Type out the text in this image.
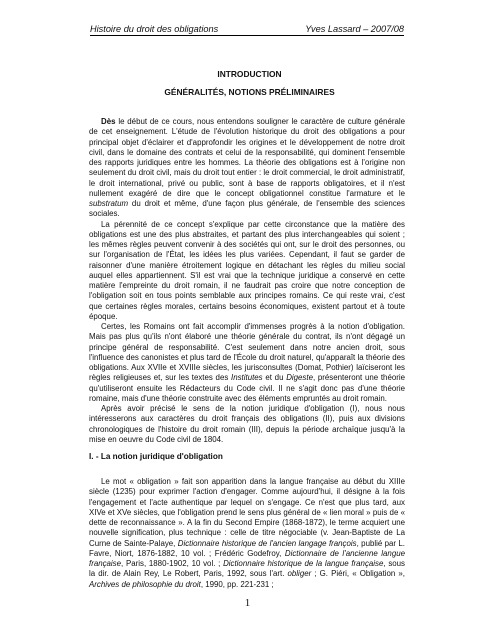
Histoire du droit des obligations	Yves Lassard – 2007/08
INTRODUCTION
GÉNÉRALITÉS, NOTIONS PRÉLIMINAIRES

Dès le début de ce cours, nous entendons souligner le caractère de culture générale de cet enseignement. L'étude de l'évolution historique du droit des obligations a pour principal objet d'éclairer et d'approfondir les origines et le développement de notre droit civil, dans le domaine des contrats et celui de la responsabilité, qui dominent l'ensemble des rapports juridiques entre les hommes. La théorie des obligations est à l'origine non seulement du droit civil, mais du droit tout entier : le droit commercial, le droit administratif, le droit international, privé ou public, sont à base de rapports obligatoires, et il n'est nullement exagéré de dire que le concept obligationnel constitue l'armature et le substratum du droit et même, d'une façon plus générale, de l'ensemble des sciences sociales.

La pérennité de ce concept s'explique par cette circonstance que la matière des obligations est une des plus abstraites, et partant des plus interchangeables qui soient ; les mêmes règles peuvent convenir à des sociétés qui ont, sur le droit des personnes, ou sur l'organisation de l'État, les idées les plus variées. Cependant, il faut se garder de raisonner d'une manière étroitement logique en détachant les règles du milieu social auquel elles appartiennent. S'il est vrai que la technique juridique a conservé en cette matière l'empreinte du droit romain, il ne faudrait pas croire que notre conception de l'obligation soit en tous points semblable aux principes romains. Ce qui reste vrai, c'est que certaines règles morales, certains besoins économiques, existent partout et à toute époque.

Certes, les Romains ont fait accomplir d'immenses progrès à la notion d'obligation. Mais pas plus qu'ils n'ont élaboré une théorie générale du contrat, ils n'ont dégagé un principe général de responsabilité. C'est seulement dans notre ancien droit, sous l'influence des canonistes et plus tard de l'École du droit naturel, qu'apparaît la théorie des obligations. Aux XVIIe et XVIIIe siècles, les jurisconsultes (Domat, Pothier) laïciseront les règles religieuses et, sur les textes des Institutes et du Digeste, présenteront une théorie qu'utiliseront ensuite les Rédacteurs du Code civil. Il ne s'agit donc pas d'une théorie romaine, mais d'une théorie construite avec des éléments empruntés au droit romain.

Après avoir précisé le sens de la notion juridique d'obligation (I), nous nous intéresserons aux caractères du droit français des obligations (II), puis aux divisions chronologiques de l'histoire du droit romain (III), depuis la période archaïque jusqu'à la mise en oeuvre du Code civil de 1804.

I. - La notion juridique d'obligation

Le mot « obligation » fait son apparition dans la langue française au début du XIIIe siècle (1235) pour exprimer l'action d'engager. Comme aujourd'hui, il désigne à la fois l'engagement et l'acte authentique par lequel on s'engage. Ce n'est que plus tard, aux XIVe et XVe siècles, que l'obligation prend le sens plus général de « lien moral » puis de « dette de reconnaissance ». A la fin du Second Empire (1868-1872), le terme acquiert une nouvelle signification, plus technique : celle de titre négociable (v. Jean-Baptiste de La Curne de Sainte-Palaye, Dictionnaire historique de l'ancien langage françois, publié par L. Favre, Niort, 1876-1882, 10 vol. ; Frédéric Godefroy, Dictionnaire de l'ancienne langue française, Paris, 1880-1902, 10 vol. ; Dictionnaire historique de la langue française, sous la dir. de Alain Rey, Le Robert, Paris, 1992, sous l'art. obliger ; G. Piéri, « Obligation », Archives de philosophie du droit, 1990, pp. 221-231 ;

1
